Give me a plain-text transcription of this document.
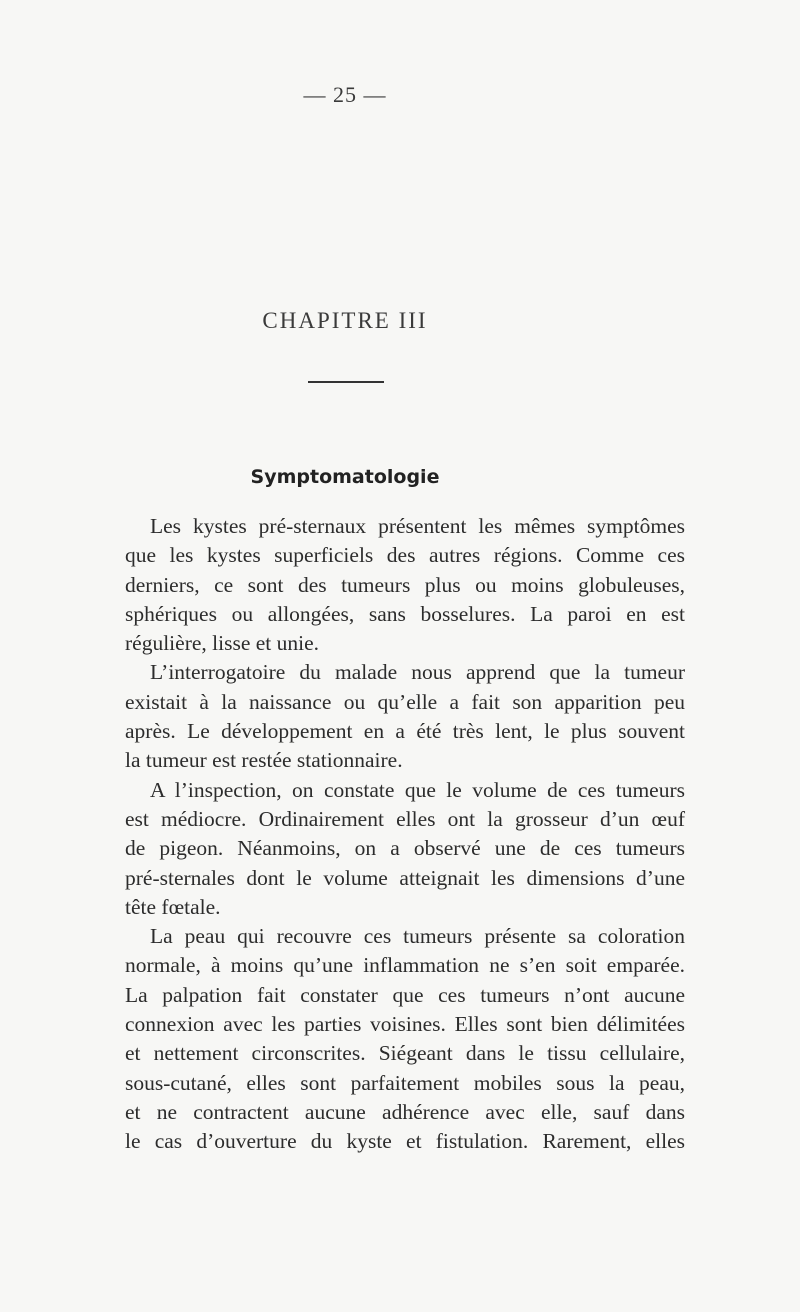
— 25 —
CHAPITRE III
Symptomatologie
Les kystes pré-sternaux présentent les mêmes symptômes
que les kystes superficiels des autres régions. Comme ces
derniers, ce sont des tumeurs plus ou moins globuleuses,
sphériques ou allongées, sans bosselures. La paroi en est
régulière, lisse et unie.
L’interrogatoire du malade nous apprend que la tumeur
existait à la naissance ou qu’elle a fait son apparition peu
après. Le développement en a été très lent, le plus souvent
la tumeur est restée stationnaire.
A l’inspection, on constate que le volume de ces tumeurs
est médiocre. Ordinairement elles ont la grosseur d’un œuf
de pigeon. Néanmoins, on a observé une de ces tumeurs
pré-sternales dont le volume atteignait les dimensions d’une
tête fœtale.
La peau qui recouvre ces tumeurs présente sa coloration
normale, à moins qu’une inflammation ne s’en soit emparée.
La palpation fait constater que ces tumeurs n’ont aucune
connexion avec les parties voisines. Elles sont bien délimitées
et nettement circonscrites. Siégeant dans le tissu cellulaire,
sous-cutané, elles sont parfaitement mobiles sous la peau,
et ne contractent aucune adhérence avec elle, sauf dans
le cas d’ouverture du kyste et fistulation. Rarement, elles
